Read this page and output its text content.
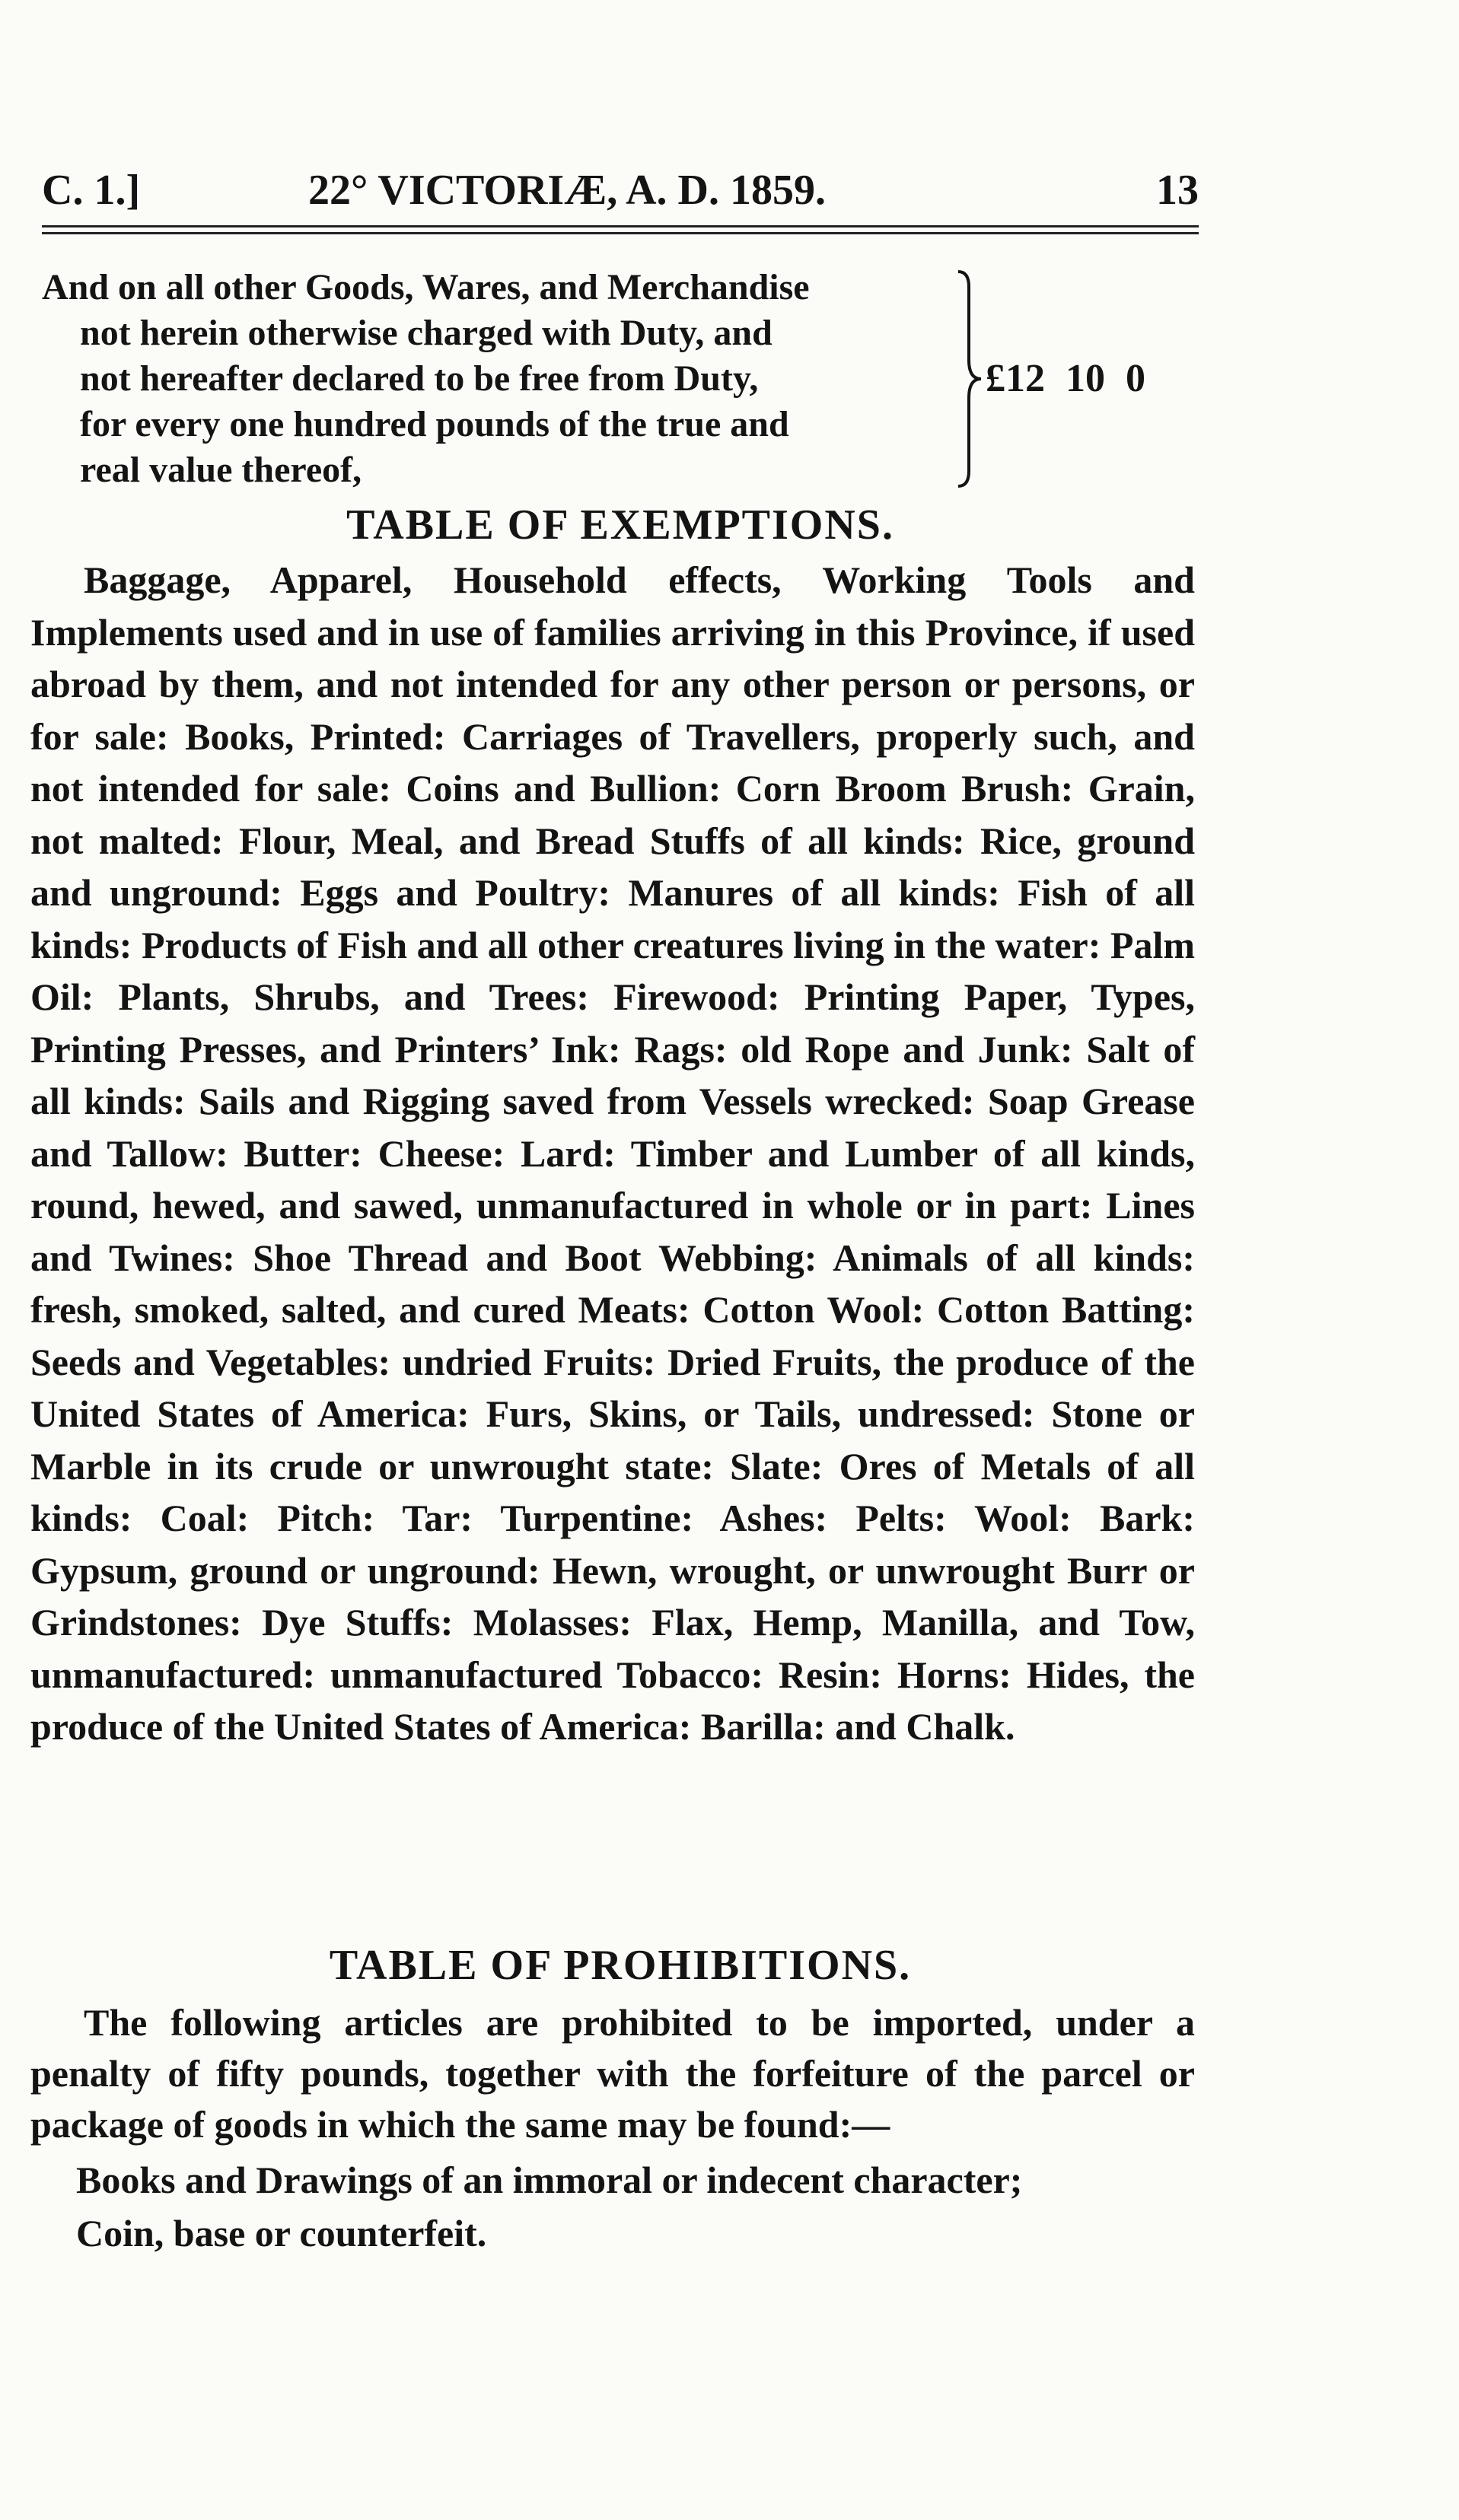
C. 1.]	22° VICTORIÆ, A. D. 1859.	13
And on all other Goods, Wares, and Merchandise
not herein otherwise charged with Duty, and
not hereafter declared to be free from Duty,
for every one hundred pounds of the true and
real value thereof,
£12 10 0
TABLE OF EXEMPTIONS.

Baggage, Apparel, Household effects, Working Tools and Implements used and in use of families arriving in this Province, if used abroad by them, and not intended for any other person or persons, or for sale: Books, Printed: Carriages of Travellers, properly such, and not intended for sale: Coins and Bullion: Corn Broom Brush: Grain, not malted: Flour, Meal, and Bread Stuffs of all kinds: Rice, ground and unground: Eggs and Poultry: Manures of all kinds: Fish of all kinds: Products of Fish and all other creatures living in the water: Palm Oil: Plants, Shrubs, and Trees: Firewood: Printing Paper, Types, Printing Presses, and Printers’ Ink: Rags: old Rope and Junk: Salt of all kinds: Sails and Rigging saved from Vessels wrecked: Soap Grease and Tallow: Butter: Cheese: Lard: Timber and Lumber of all kinds, round, hewed, and sawed, unmanufactured in whole or in part: Lines and Twines: Shoe Thread and Boot Webbing: Animals of all kinds: fresh, smoked, salted, and cured Meats: Cotton Wool: Cotton Batting: Seeds and Vegetables: undried Fruits: Dried Fruits, the produce of the United States of America: Furs, Skins, or Tails, undressed: Stone or Marble in its crude or unwrought state: Slate: Ores of Metals of all kinds: Coal: Pitch: Tar: Turpentine: Ashes: Pelts: Wool: Bark: Gypsum, ground or unground: Hewn, wrought, or unwrought Burr or Grindstones: Dye Stuffs: Molasses: Flax, Hemp, Manilla, and Tow, unmanufactured: unmanufactured Tobacco: Resin: Horns: Hides, the produce of the United States of America: Barilla: and Chalk.

TABLE OF PROHIBITIONS.

The following articles are prohibited to be imported, under a penalty of fifty pounds, together with the forfeiture of the parcel or package of goods in which the same may be found:—

Books and Drawings of an immoral or indecent character;
Coin, base or counterfeit.
